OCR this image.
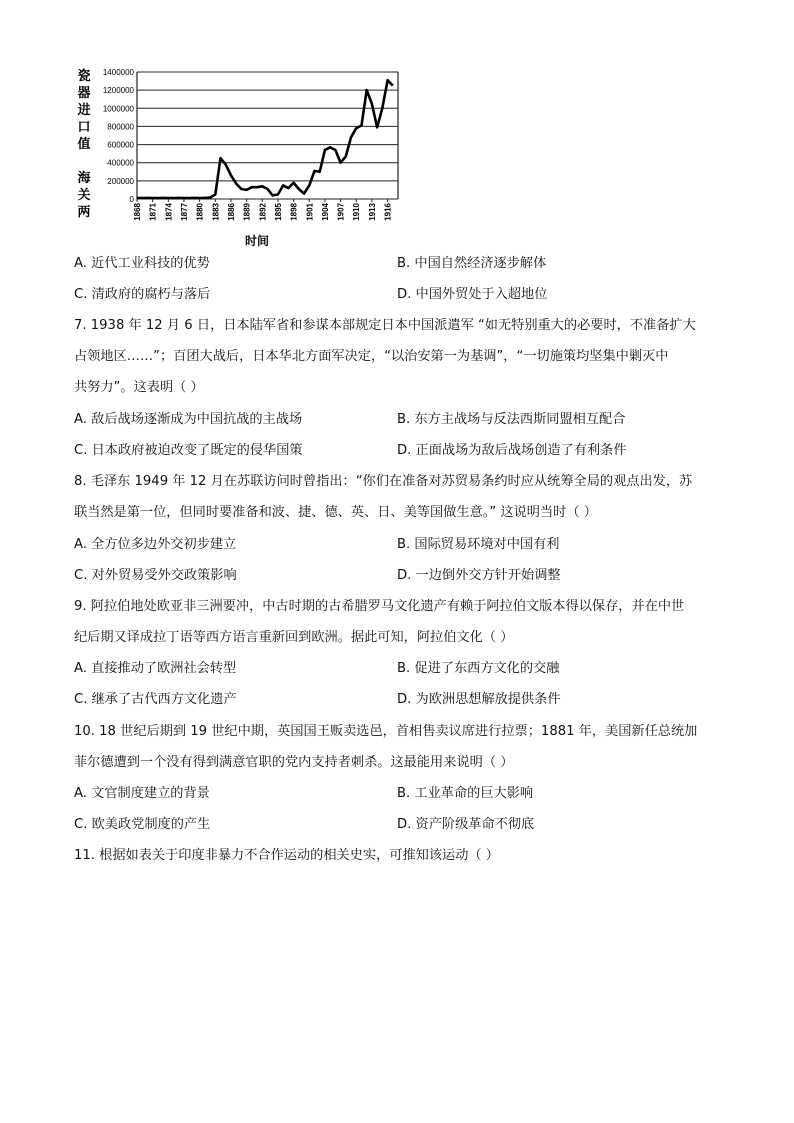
瓷
器
进
口
值
海
关
两
1400000
1200000
1000000
800000
600000
400000
200000
0
1868 1871 1874 1877 1880 1883 1886 1889 1892 1895 1898 1901 1904 1907 1910 1913 1916
时间
A. 近代工业科技的优势	B. 中国自然经济逐步解体
C. 清政府的腐朽与落后	D. 中国外贸处于入超地位
7. 1938 年 12 月 6 日，日本陆军省和参谋本部规定日本中国派遣军 “如无特别重大的必要时，不准备扩大
占领地区……”；百团大战后，日本华北方面军决定，“以治安第一为基调”，“一切施策均坚集中剿灭中
共努力”。这表明（ ）
A. 敌后战场逐渐成为中国抗战的主战场	B. 东方主战场与反法西斯同盟相互配合
C. 日本政府被迫改变了既定的侵华国策	D. 正面战场为敌后战场创造了有利条件
8. 毛泽东 1949 年 12 月在苏联访问时曾指出：“你们在准备对苏贸易条约时应从统筹全局的观点出发，苏
联当然是第一位，但同时要准备和波、捷、德、英、日、美等国做生意。” 这说明当时（ ）
A. 全方位多边外交初步建立	B. 国际贸易环境对中国有利
C. 对外贸易受外交政策影响	D. 一边倒外交方针开始调整
9. 阿拉伯地处欧亚非三洲要冲，中古时期的古希腊罗马文化遗产有赖于阿拉伯文版本得以保存，并在中世
纪后期又译成拉丁语等西方语言重新回到欧洲。据此可知，阿拉伯文化（ ）
A. 直接推动了欧洲社会转型	B. 促进了东西方文化的交融
C. 继承了古代西方文化遗产	D. 为欧洲思想解放提供条件
10. 18 世纪后期到 19 世纪中期，英国国王贩卖选邑，首相售卖议席进行拉票；1881 年，美国新任总统加
菲尔德遭到一个没有得到满意官职的党内支持者刺杀。这最能用来说明（ ）
A. 文官制度建立的背景	B. 工业革命的巨大影响
C. 欧美政党制度的产生	D. 资产阶级革命不彻底
11. 根据如表关于印度非暴力不合作运动的相关史实，可推知该运动（ ）
